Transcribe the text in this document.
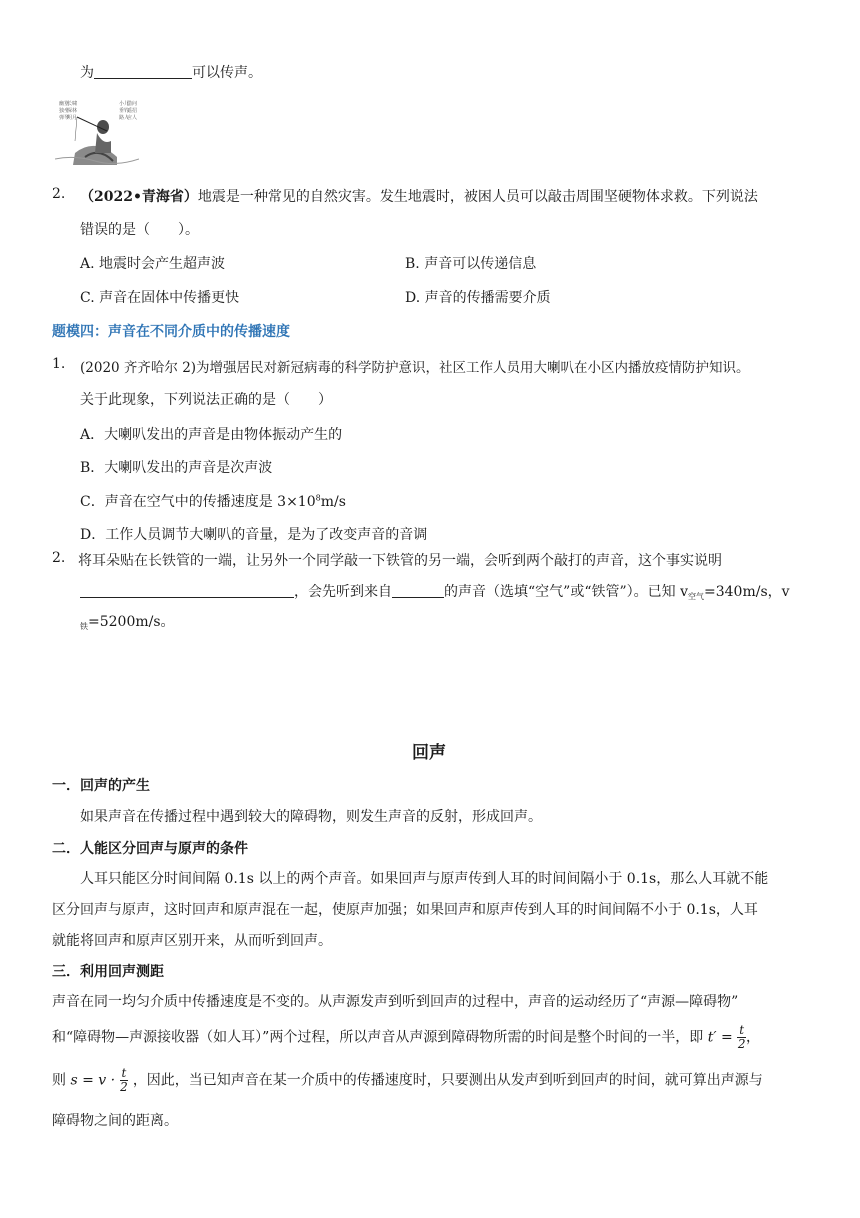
为	可以传声。
幽篁
独坐
弹琴
长啸
深林
明月
小儿
垂钓
路人
借问
遥招
应人
2. （2022•青海省）地震是一种常见的自然灾害。发生地震时，被困人员可以敲击周围坚硬物体求救。下列说法
错误的是（　　）。
A. 地震时会产生超声波	B. 声音可以传递信息
C. 声音在固体中传播更快	D. 声音的传播需要介质
题模四：声音在不同介质中的传播速度
1. (2020 齐齐哈尔 2)为增强居民对新冠病毒的科学防护意识，社区工作人员用大喇叭在小区内播放疫情防护知识。
关于此现象，下列说法正确的是（　　）
A．大喇叭发出的声音是由物体振动产生的
B．大喇叭发出的声音是次声波
C．声音在空气中的传播速度是 $3\times 10^8m/s$
D．工作人员调节大喇叭的音量，是为了改变声音的音调
2. 将耳朵贴在长铁管的一端，让另外一个同学敲一下铁管的另一端，会听到两个敲打的声音，这个事实说明
，会先听到来自	的声音（选填“空气”或“铁管”）。已知 $v_{空气}=340m/s$，v
$_铁$=5200m/s。
回声
一．回声的产生
如果声音在传播过程中遇到较大的障碍物，则发生声音的反射，形成回声。
二．人能区分回声与原声的条件
人耳只能区分时间间隔 0.1s 以上的两个声音。如果回声与原声传到人耳的时间间隔小于 0.1s，那么人耳就不能
区分回声与原声，这时回声和原声混在一起，使原声加强；如果回声和原声传到人耳的时间间隔不小于 0.1s，人耳
就能将回声和原声区别开来，从而听到回声。
三．利用回声测距
声音在同一均匀介质中传播速度是不变的。从声源发声到听到回声的过程中，声音的运动经历了“声源—障碍物”
和“障碍物—声源接收器（如人耳）”两个过程，所以声音从声源到障碍物所需的时间是整个时间的一半，即 $t' = \frac{t}{2}$ ，
则 $s = v \cdot \frac{t}{2}$ ，因此，当已知声音在某一介质中的传播速度时，只要测出从发声到听到回声的时间，就可算出声源与
障碍物之间的距离。
